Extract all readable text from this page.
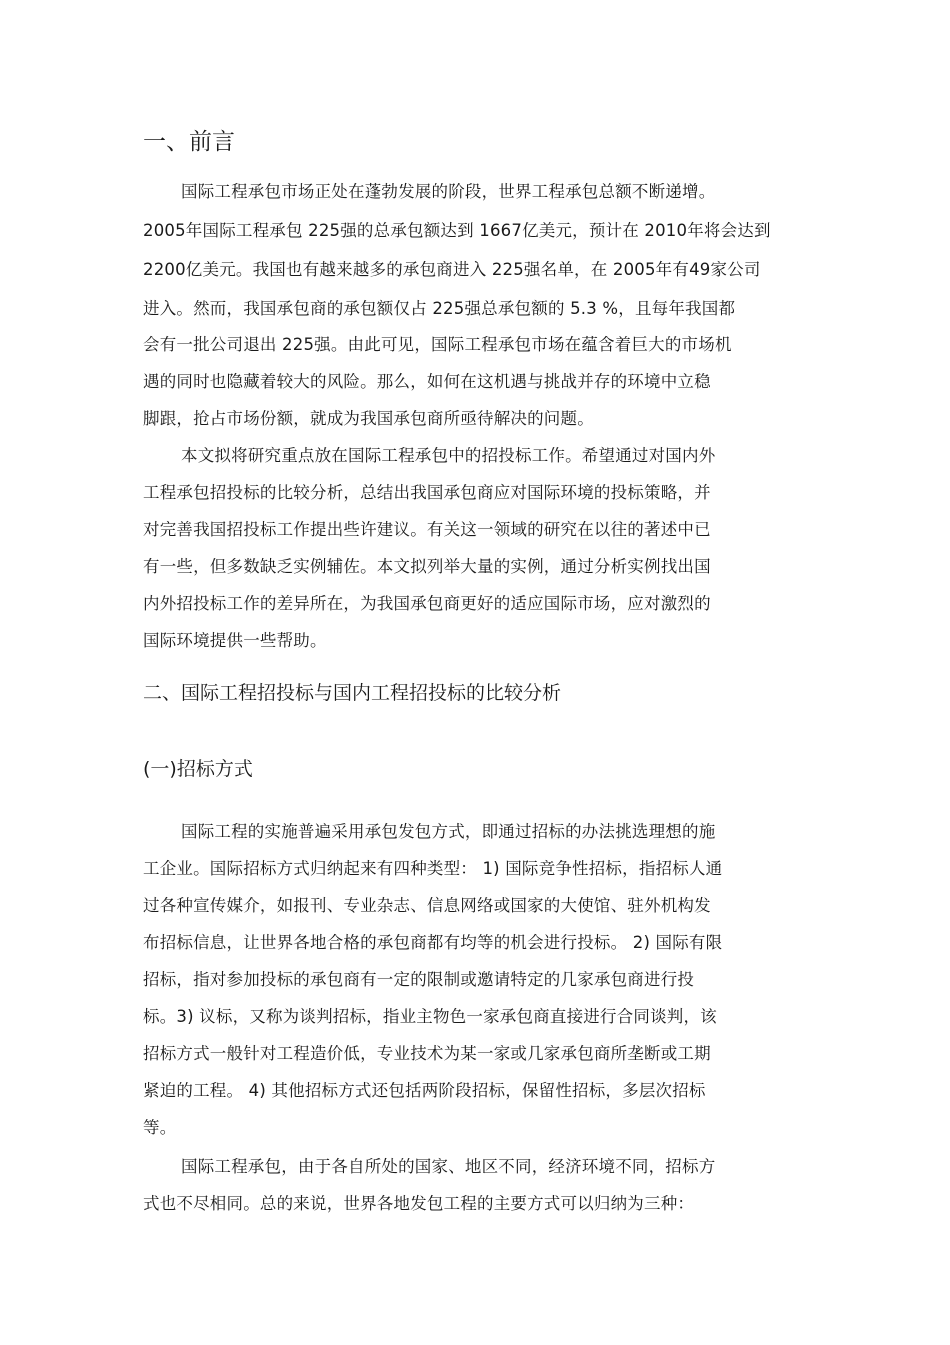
一、前言
国际工程承包市场正处在蓬勃发展的阶段，世界工程承包总额不断递增。
2005年国际工程承包 225强的总承包额达到 1667亿美元，预计在 2010年将会达到
2200亿美元。我国也有越来越多的承包商进入 225强名单，在 2005年有49家公司
进入。然而，我国承包商的承包额仅占 225强总承包额的 5.3 %，且每年我国都
会有一批公司退出 225强。由此可见，国际工程承包市场在蕴含着巨大的市场机
遇的同时也隐藏着较大的风险。那么，如何在这机遇与挑战并存的环境中立稳
脚跟，抢占市场份额，就成为我国承包商所亟待解决的问题。
本文拟将研究重点放在国际工程承包中的招投标工作。希望通过对国内外
工程承包招投标的比较分析，总结出我国承包商应对国际环境的投标策略，并
对完善我国招投标工作提出些许建议。有关这一领域的研究在以往的著述中已
有一些，但多数缺乏实例辅佐。本文拟列举大量的实例，通过分析实例找出国
内外招投标工作的差异所在，为我国承包商更好的适应国际市场，应对激烈的
国际环境提供一些帮助。
二、国际工程招投标与国内工程招投标的比较分析
(一)招标方式
国际工程的实施普遍采用承包发包方式，即通过招标的办法挑选理想的施
工企业。国际招标方式归纳起来有四种类型： 1) 国际竞争性招标，指招标人通
过各种宣传媒介，如报刊、专业杂志、信息网络或国家的大使馆、驻外机构发
布招标信息，让世界各地合格的承包商都有均等的机会进行投标。 2) 国际有限
招标，指对参加投标的承包商有一定的限制或邀请特定的几家承包商进行投
标。3) 议标，又称为谈判招标，指业主物色一家承包商直接进行合同谈判，该
招标方式一般针对工程造价低，专业技术为某一家或几家承包商所垄断或工期
紧迫的工程。 4) 其他招标方式还包括两阶段招标，保留性招标，多层次招标
等。
国际工程承包，由于各自所处的国家、地区不同，经济环境不同，招标方
式也不尽相同。总的来说，世界各地发包工程的主要方式可以归纳为三种：
